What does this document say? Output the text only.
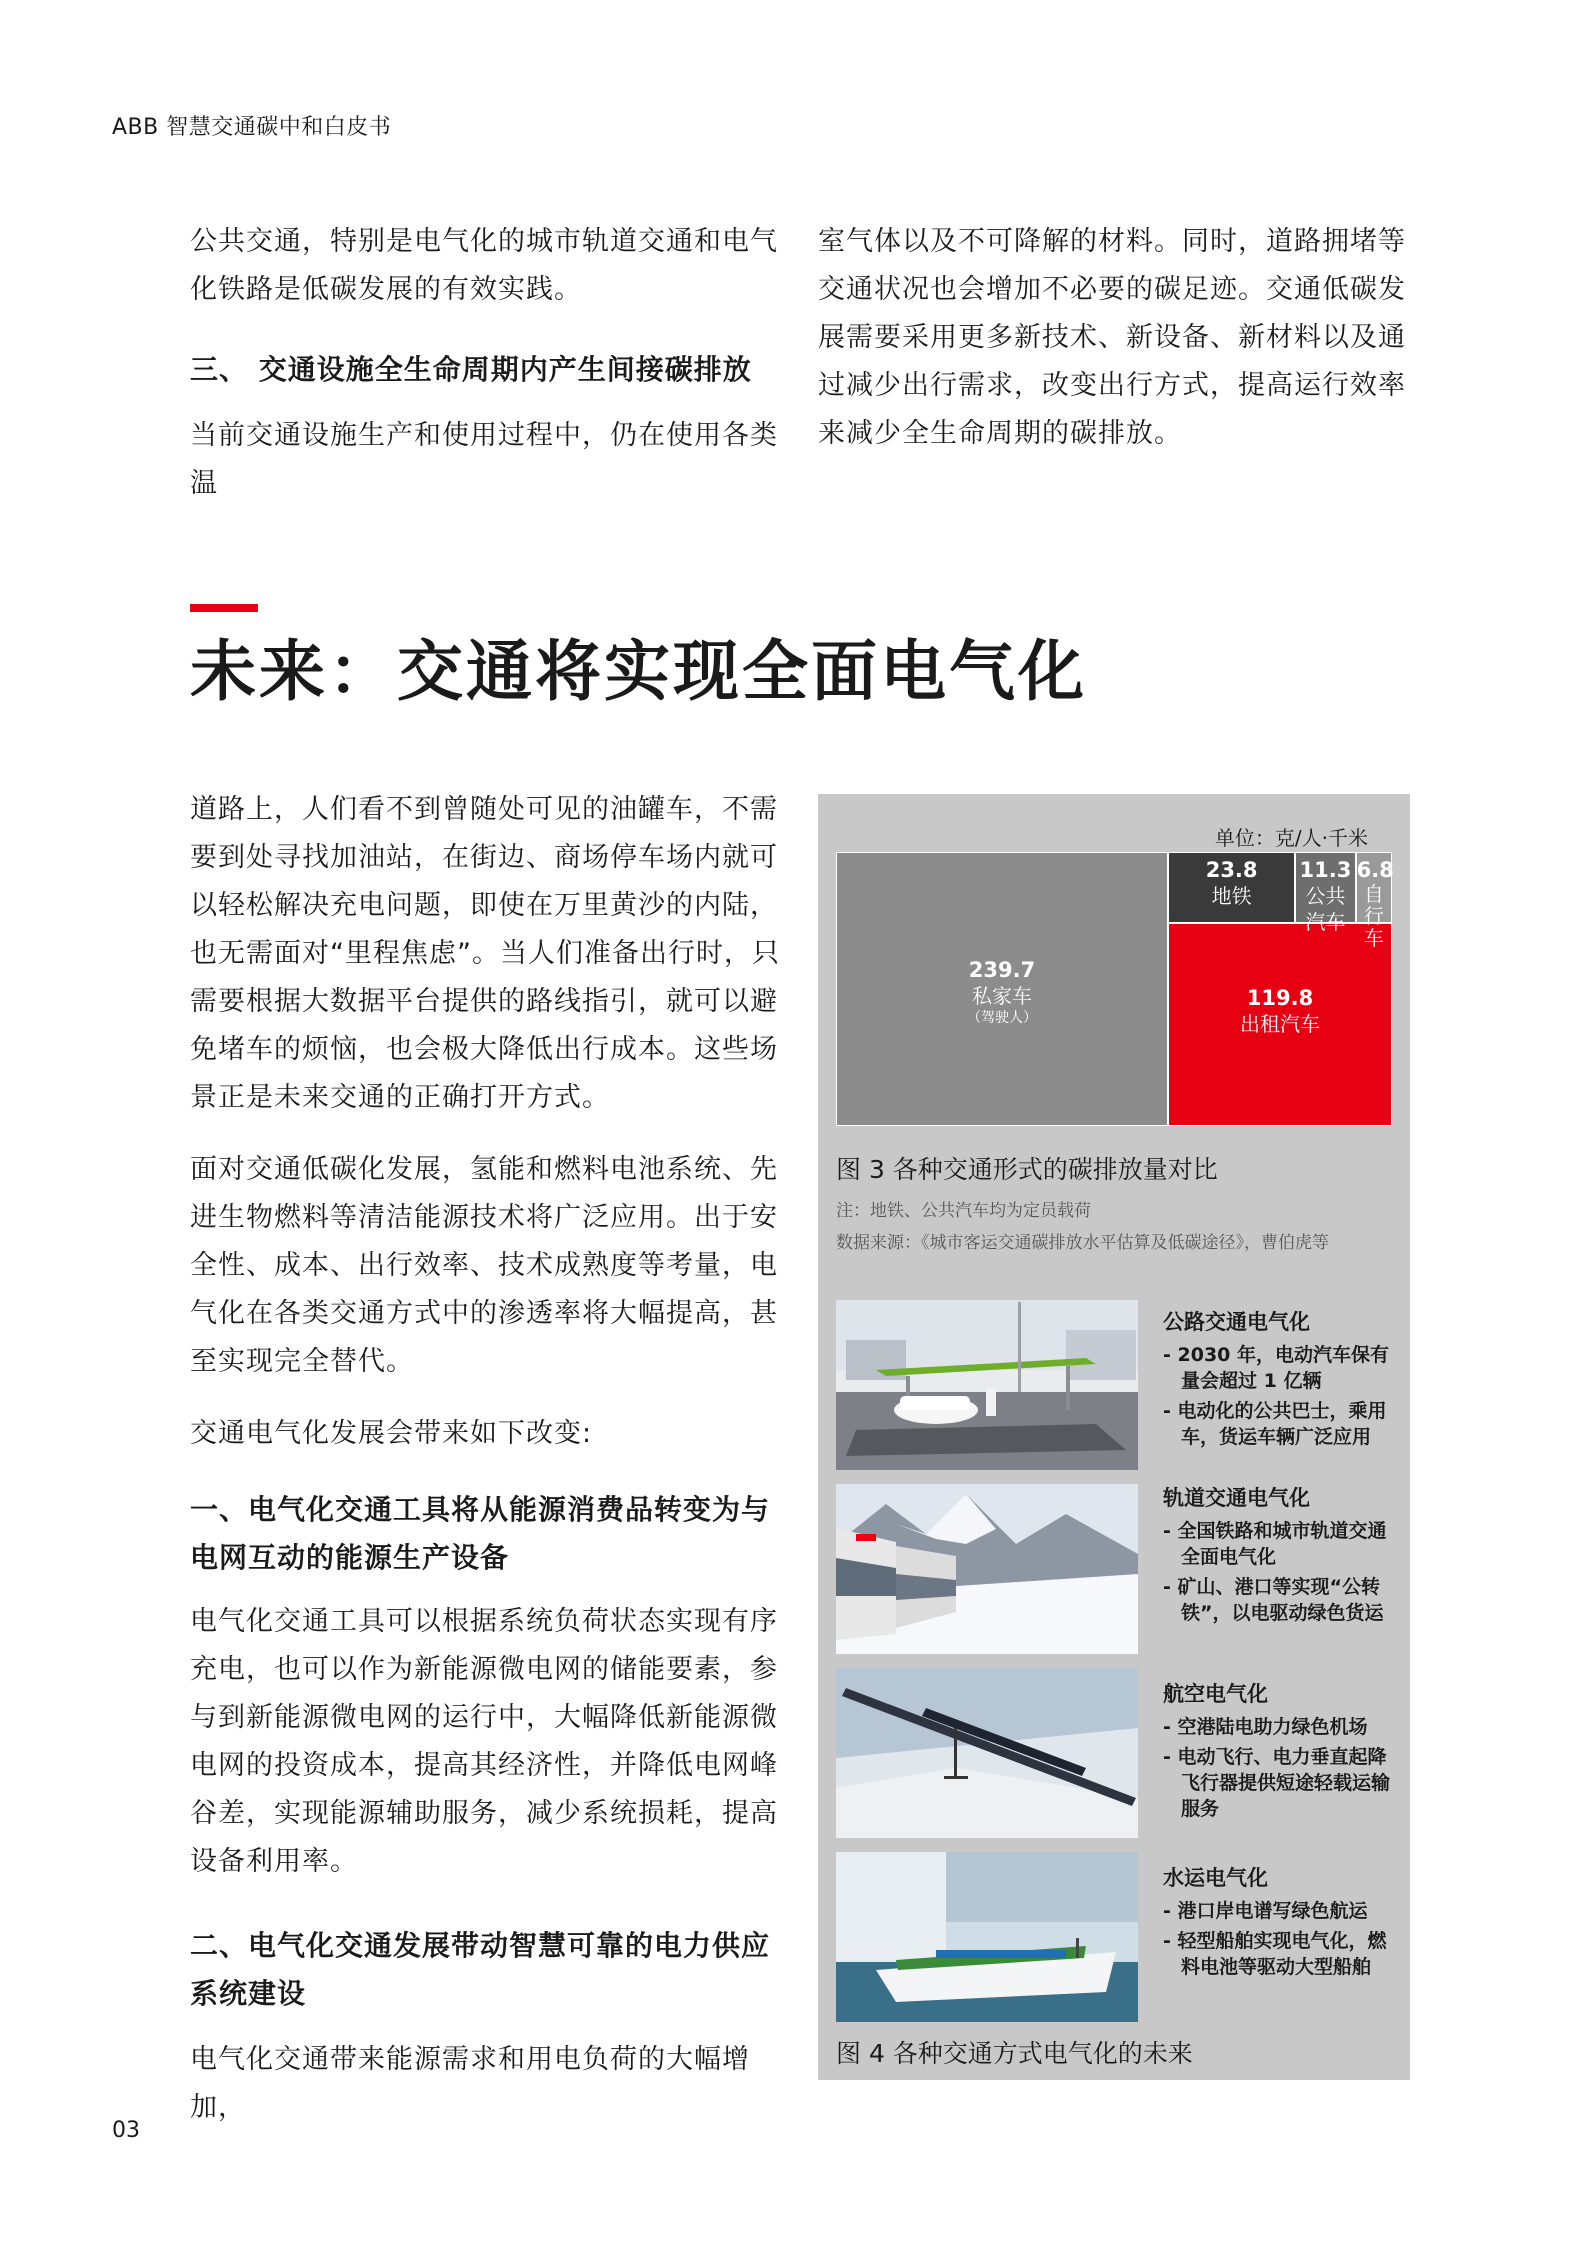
ABB 智慧交通碳中和白皮书

公共交通，特别是电气化的城市轨道交通和电气化铁路是低碳发展的有效实践。

三、 交通设施全生命周期内产生间接碳排放

当前交通设施生产和使用过程中，仍在使用各类温

室气体以及不可降解的材料。同时，道路拥堵等交通状况也会增加不必要的碳足迹。交通低碳发展需要采用更多新技术、新设备、新材料以及通过减少出行需求，改变出行方式，提高运行效率来减少全生命周期的碳排放。

未来：交通将实现全面电气化

道路上，人们看不到曾随处可见的油罐车，不需要到处寻找加油站，在街边、商场停车场内就可以轻松解决充电问题，即使在万里黄沙的内陆，也无需面对“里程焦虑”。当人们准备出行时，只需要根据大数据平台提供的路线指引，就可以避免堵车的烦恼，也会极大降低出行成本。这些场景正是未来交通的正确打开方式。

面对交通低碳化发展，氢能和燃料电池系统、先进生物燃料等清洁能源技术将广泛应用。出于安全性、成本、出行效率、技术成熟度等考量，电气化在各类交通方式中的渗透率将大幅提高，甚至实现完全替代。

交通电气化发展会带来如下改变:

一、电气化交通工具将从能源消费品转变为与电网互动的能源生产设备

电气化交通工具可以根据系统负荷状态实现有序充电，也可以作为新能源微电网的储能要素，参与到新能源微电网的运行中，大幅降低新能源微电网的投资成本，提高其经济性，并降低电网峰谷差，实现能源辅助服务，减少系统损耗，提高设备利用率。

二、电气化交通发展带动智慧可靠的电力供应系统建设

电气化交通带来能源需求和用电负荷的大幅增加，

单位：克/人·千米
239.7
私家车
（驾驶人）
119.8
出租汽车
23.8
地铁
11.3
公共汽车
6.8
自行车
图 3 各种交通形式的碳排放量对比
注：地铁、公共汽车均为定员载荷
数据来源：《城市客运交通碳排放水平估算及低碳途径》，曹伯虎等

公路交通电气化

- 2030 年，电动汽车保有量会超过 1 亿辆

- 电动化的公共巴士，乘用车，货运车辆广泛应用

轨道交通电气化

- 全国铁路和城市轨道交通全面电气化

- 矿山、港口等实现“公转铁”，以电驱动绿色货运

航空电气化

- 空港陆电助力绿色机场

- 电动飞行、电力垂直起降飞行器提供短途轻载运输服务

水运电气化

- 港口岸电谱写绿色航运

- 轻型船舶实现电气化，燃料电池等驱动大型船舶

图 4 各种交通方式电气化的未来
03
